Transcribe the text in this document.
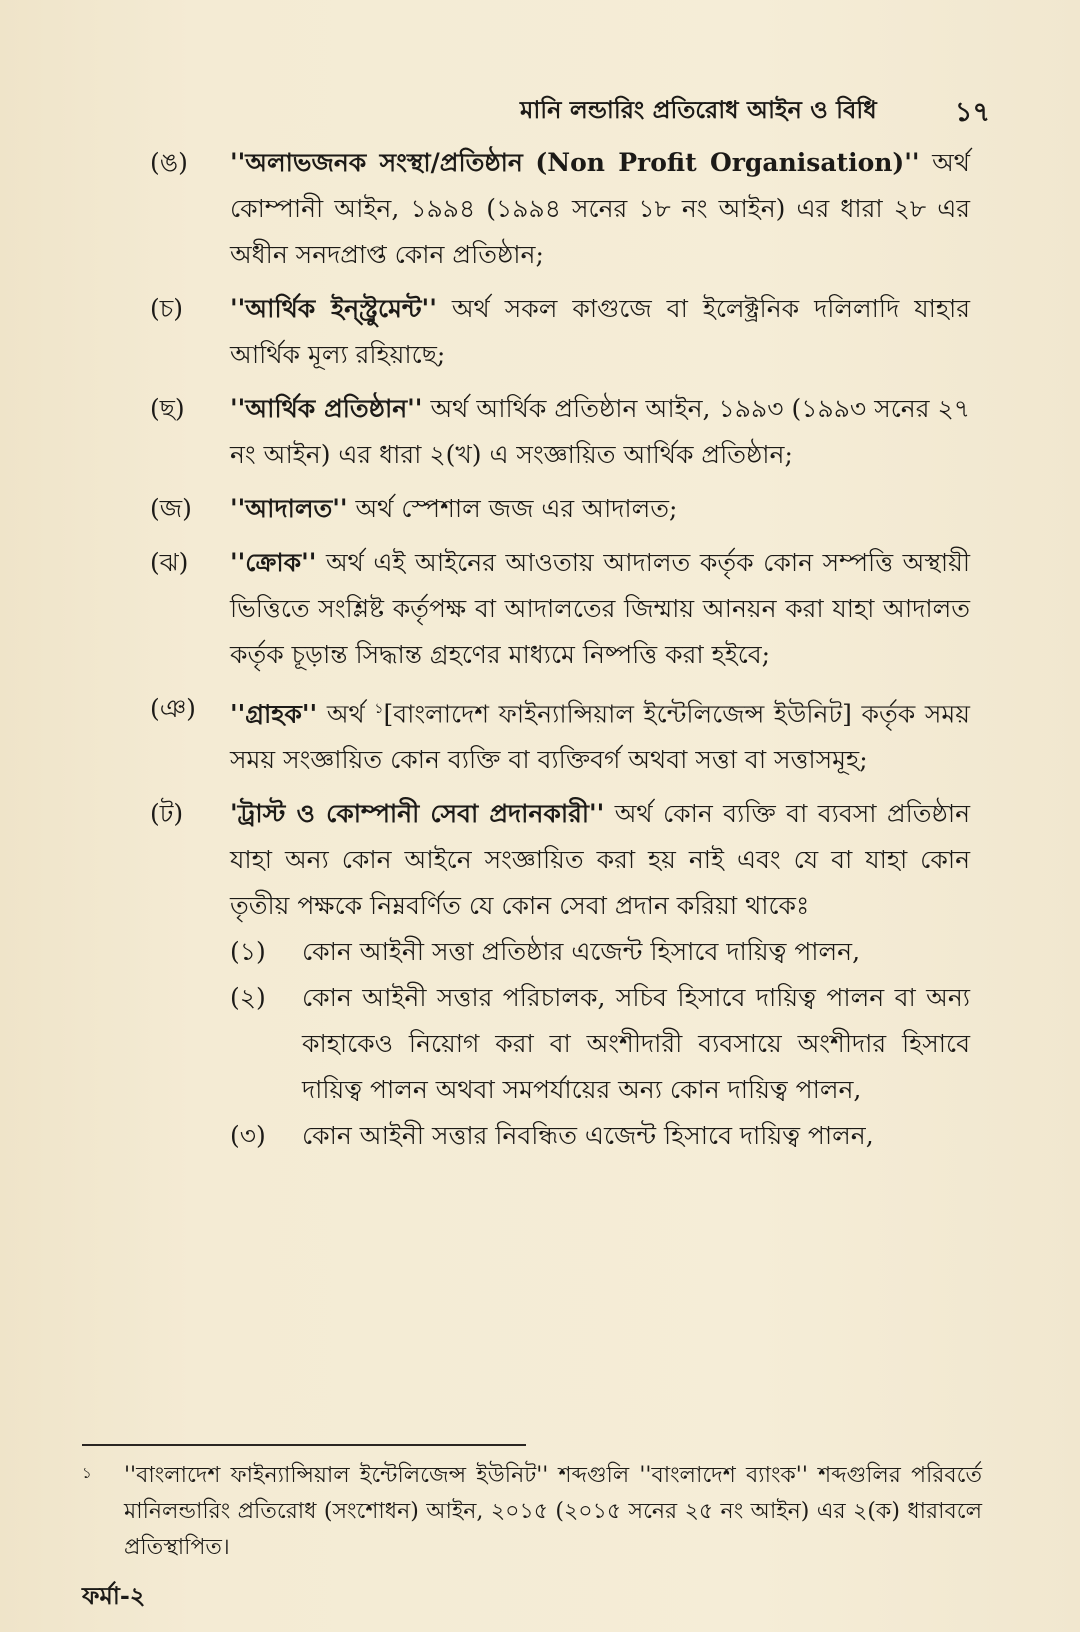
মানি লন্ডারিং প্রতিরোধ আইন ও বিধি	১৭
(ঙ) ''অলাভজনক সংস্থা/প্রতিষ্ঠান (Non Profit Organisation)'' অর্থ কোম্পানী আইন, ১৯৯৪ (১৯৯৪ সনের ১৮ নং আইন) এর ধারা ২৮ এর অধীন সনদপ্রাপ্ত কোন প্রতিষ্ঠান;
(চ) ''আর্থিক ইন্স্ট্রুমেন্ট'' অর্থ সকল কাগুজে বা ইলেক্ট্রনিক দলিলাদি যাহার আর্থিক মূল্য রহিয়াছে;
(ছ) ''আর্থিক প্রতিষ্ঠান'' অর্থ আর্থিক প্রতিষ্ঠান আইন, ১৯৯৩ (১৯৯৩ সনের ২৭ নং আইন) এর ধারা ২(খ) এ সংজ্ঞায়িত আর্থিক প্রতিষ্ঠান;
(জ) ''আদালত'' অর্থ স্পেশাল জজ এর আদালত;
(ঝ) ''ক্রোক'' অর্থ এই আইনের আওতায় আদালত কর্তৃক কোন সম্পত্তি অস্থায়ী ভিত্তিতে সংশ্লিষ্ট কর্তৃপক্ষ বা আদালতের জিম্মায় আনয়ন করা যাহা আদালত কর্তৃক চূড়ান্ত সিদ্ধান্ত গ্রহণের মাধ্যমে নিষ্পত্তি করা হইবে;
(ঞ) ''গ্রাহক'' অর্থ $^১$[বাংলাদেশ ফাইন্যান্সিয়াল ইন্টেলিজেন্স ইউনিট] কর্তৃক সময় সময় সংজ্ঞায়িত কোন ব্যক্তি বা ব্যক্তিবর্গ অথবা সত্তা বা সত্তাসমূহ;
(ট) 'ট্রাস্ট ও কোম্পানী সেবা প্রদানকারী'' অর্থ কোন ব্যক্তি বা ব্যবসা প্রতিষ্ঠান যাহা অন্য কোন আইনে সংজ্ঞায়িত করা হয় নাই এবং যে বা যাহা কোন তৃতীয় পক্ষকে নিম্নবর্ণিত যে কোন সেবা প্রদান করিয়া থাকেঃ
(১) কোন আইনী সত্তা প্রতিষ্ঠার এজেন্ট হিসাবে দায়িত্ব পালন,
(২) কোন আইনী সত্তার পরিচালক, সচিব হিসাবে দায়িত্ব পালন বা অন্য কাহাকেও নিয়োগ করা বা অংশীদারী ব্যবসায়ে অংশীদার হিসাবে দায়িত্ব পালন অথবা সমপর্যায়ের অন্য কোন দায়িত্ব পালন,
(৩) কোন আইনী সত্তার নিবন্ধিত এজেন্ট হিসাবে দায়িত্ব পালন,
১ ''বাংলাদেশ ফাইন্যান্সিয়াল ইন্টেলিজেন্স ইউনিট'' শব্দগুলি ''বাংলাদেশ ব্যাংক'' শব্দগুলির পরিবর্তে মানিলন্ডারিং প্রতিরোধ (সংশোধন) আইন, ২০১৫ (২০১৫ সনের ২৫ নং আইন) এর ২(ক) ধারাবলে প্রতিস্থাপিত।
ফর্মা-২
